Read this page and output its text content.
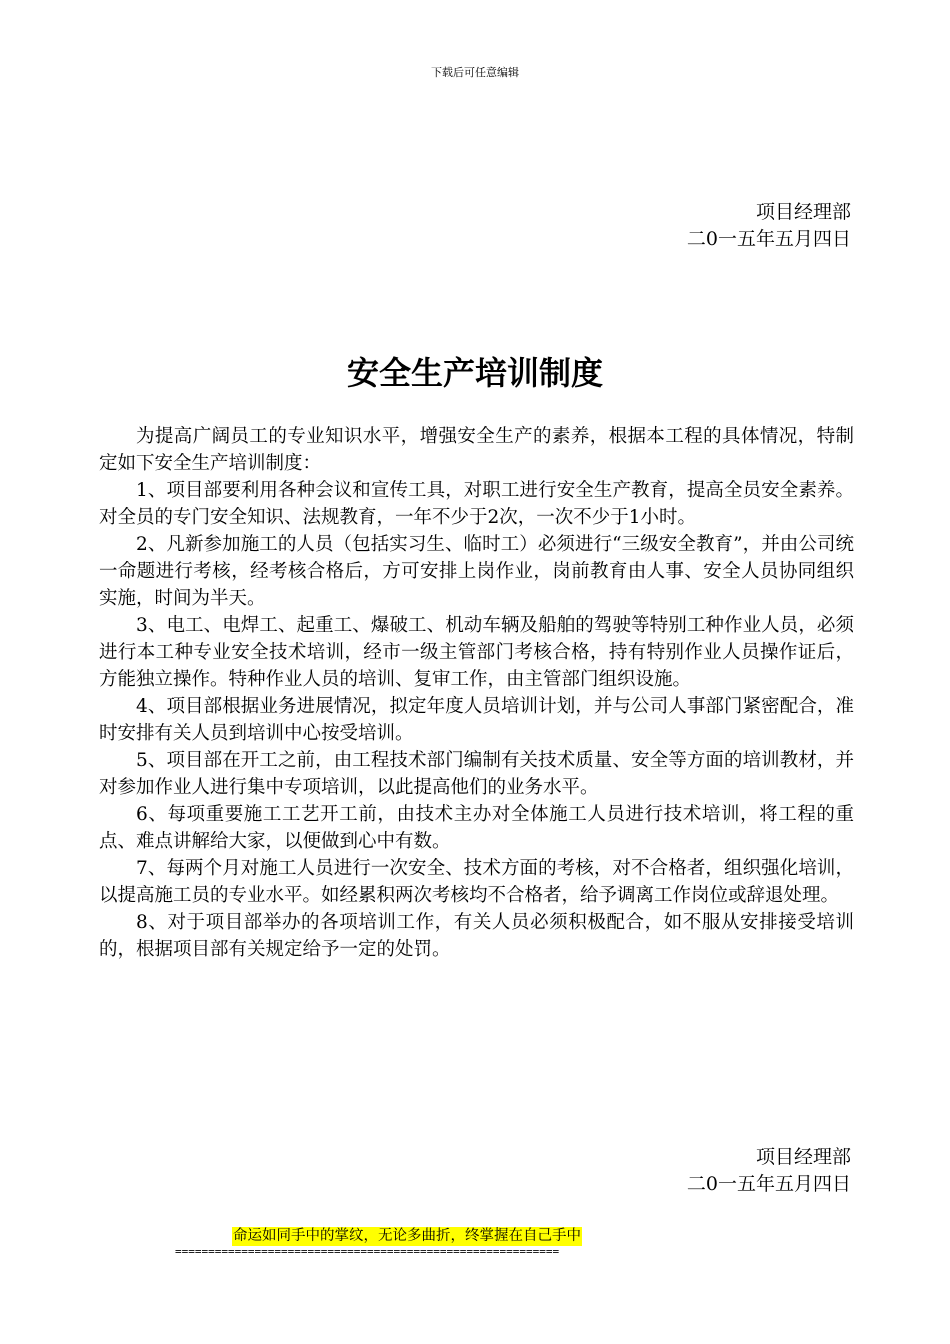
下载后可任意编辑
项目经理部
二0一五年五月四日
安全生产培训制度

为提高广阔员工的专业知识水平，增强安全生产的素养，根据本工程的具体情况，特制定如下安全生产培训制度：

1、项目部要利用各种会议和宣传工具，对职工进行安全生产教育，提高全员安全素养。对全员的专门安全知识、法规教育，一年不少于2次，一次不少于1小时。

2、凡新参加施工的人员（包括实习生、临时工）必须进行“三级安全教育”，并由公司统一命题进行考核，经考核合格后，方可安排上岗作业，岗前教育由人事、安全人员协同组织实施，时间为半天。

3、电工、电焊工、起重工、爆破工、机动车辆及船舶的驾驶等特别工种作业人员，必须进行本工种专业安全技术培训，经市一级主管部门考核合格，持有特别作业人员操作证后，方能独立操作。特种作业人员的培训、复审工作，由主管部门组织设施。

4、项目部根据业务进展情况，拟定年度人员培训计划，并与公司人事部门紧密配合，准时安排有关人员到培训中心按受培训。

5、项目部在开工之前，由工程技术部门编制有关技术质量、安全等方面的培训教材，并对参加作业人进行集中专项培训，以此提高他们的业务水平。

6、每项重要施工工艺开工前，由技术主办对全体施工人员进行技术培训，将工程的重点、难点讲解给大家，以便做到心中有数。

7、每两个月对施工人员进行一次安全、技术方面的考核，对不合格者，组织强化培训，以提高施工员的专业水平。如经累积两次考核均不合格者，给予调离工作岗位或辞退处理。

8、对于项目部举办的各项培训工作，有关人员必须积极配合，如不服从安排接受培训的，根据项目部有关规定给予一定的处罚。

项目经理部
二0一五年五月四日
命运如同手中的掌纹，无论多曲折，终掌握在自己手中
==========================================================
